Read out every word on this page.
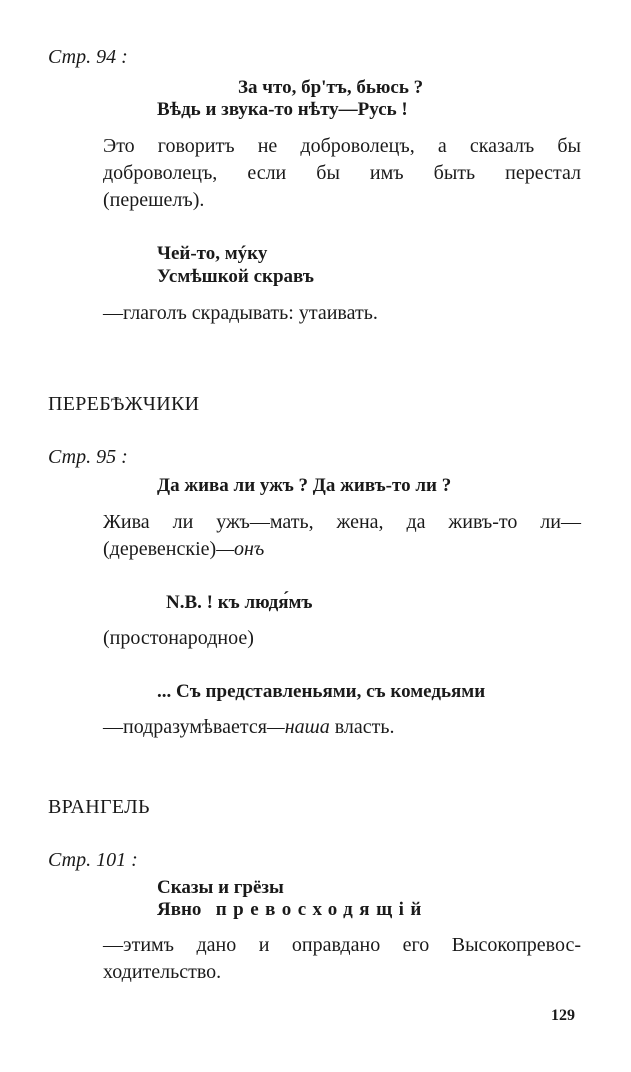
Стр. 94 :
За что, бр'тъ, бьюсь ?
Вѣдь и звука-то нѣту—Русь !
Это говоритъ не доброволецъ, а сказалъ бы
доброволецъ, если бы имъ быть перестал
(перешелъ).
Чей-то, мýку
Усмѣшкой скравъ
—глаголъ скрадывать: утаивать.
ПЕРЕБѢЖЧИКИ
Стр. 95 :
Да жива ли ужъ ? Да живъ-то ли ?
Жива ли ужъ—мать, жена, да живъ-то ли—
(деревенскіе)—онъ
N.B. ! къ людя́мъ
(простонародное)
... Съ представленьями, съ комедьями
—подразумѣвается—наша власть.
ВРАНГЕЛЬ
Стр. 101 :
Сказы и грёзы
Явно превосходящій
—этимъ дано и оправдано его Высокопревос-
ходительство.
129
